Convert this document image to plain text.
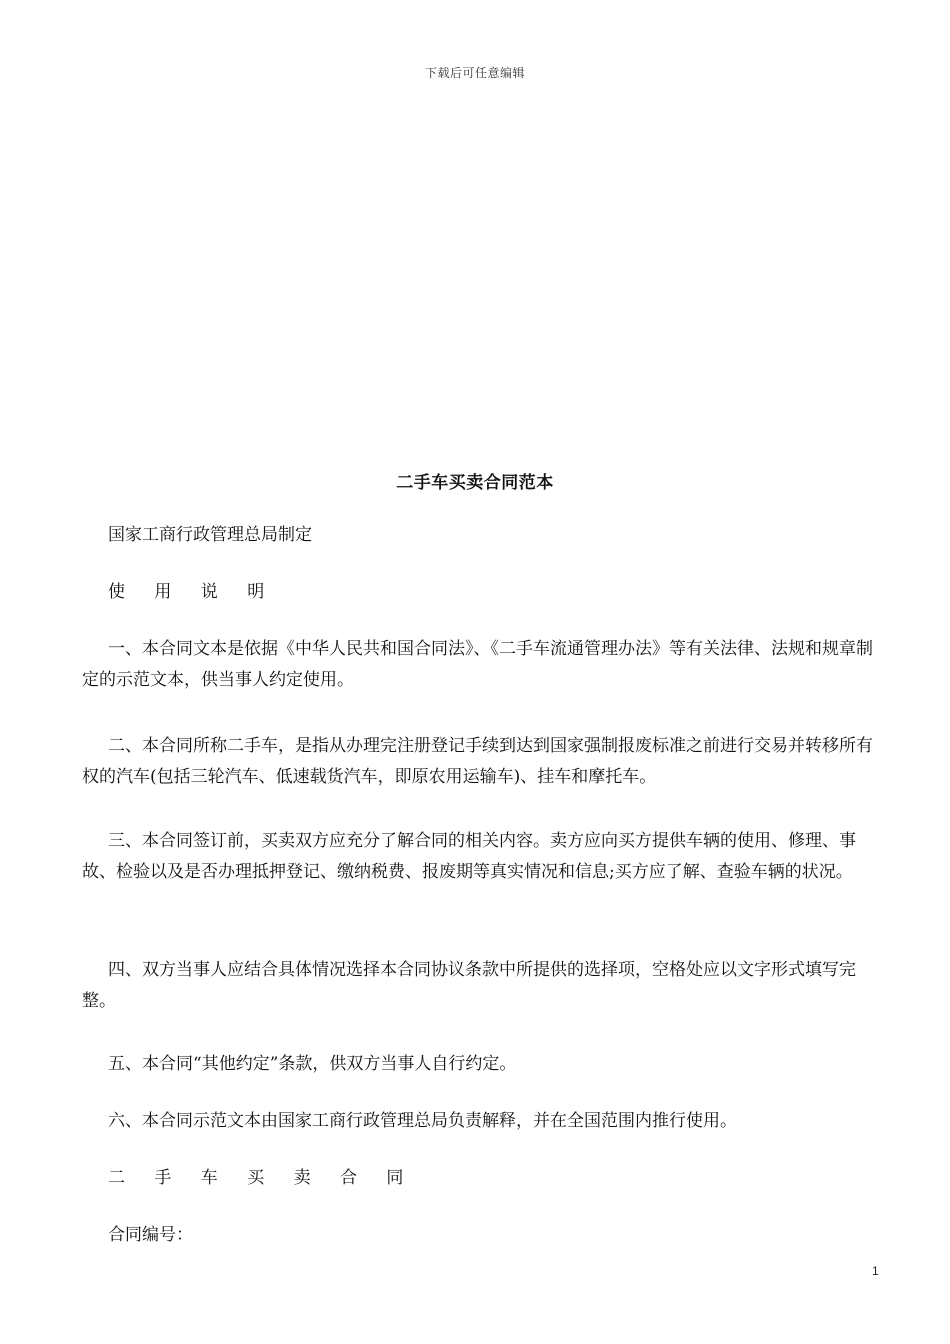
下载后可任意编辑
二手车买卖合同范本

国家工商行政管理总局制定

使 用 说 明

一、本合同文本是依据《中华人民共和国合同法》、《二手车流通管理办法》等有关法律、法规和规章制定的示范文本，供当事人约定使用。

二、本合同所称二手车，是指从办理完注册登记手续到达到国家强制报废标准之前进行交易并转移所有权的汽车(包括三轮汽车、低速载货汽车，即原农用运输车)、挂车和摩托车。

三、本合同签订前，买卖双方应充分了解合同的相关内容。卖方应向买方提供车辆的使用、修理、事故、检验以及是否办理抵押登记、缴纳税费、报废期等真实情况和信息;买方应了解、查验车辆的状况。

四、双方当事人应结合具体情况选择本合同协议条款中所提供的选择项，空格处应以文字形式填写完整。

五、本合同“其他约定”条款，供双方当事人自行约定。

六、本合同示范文本由国家工商行政管理总局负责解释，并在全国范围内推行使用。

二 手 车 买 卖 合 同

合同编号：

1
